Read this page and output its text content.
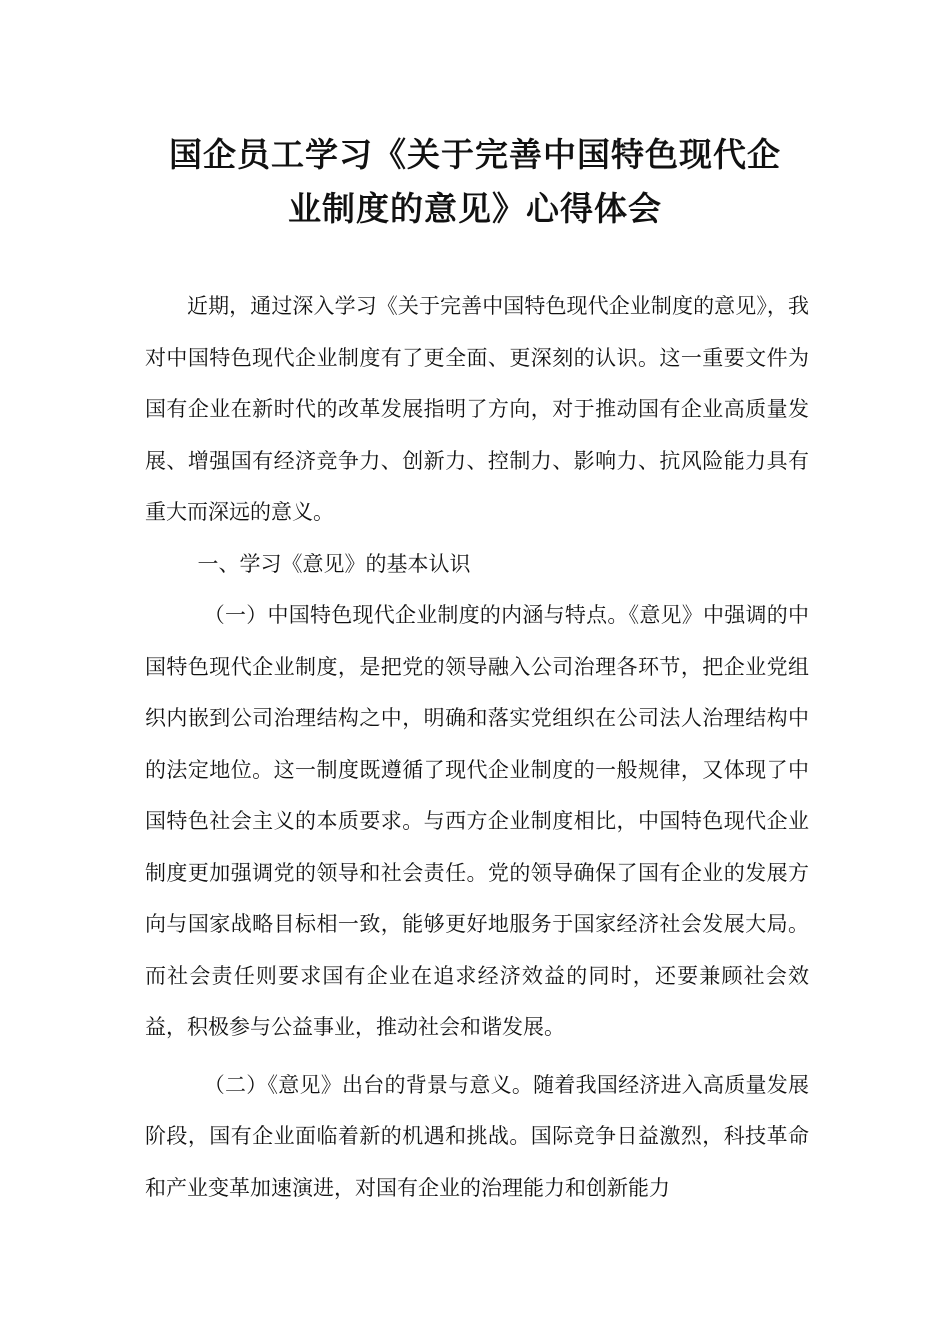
国企员工学习《关于完善中国特色现代企
业制度的意见》心得体会

近期，通过深入学习《关于完善中国特色现代企业制度的意见》，我对中国特色现代企业制度有了更全面、更深刻的认识。这一重要文件为国有企业在新时代的改革发展指明了方向，对于推动国有企业高质量发展、增强国有经济竞争力、创新力、控制力、影响力、抗风险能力具有重大而深远的意义。

一、学习《意见》的基本认识

（一）中国特色现代企业制度的内涵与特点。《意见》中强调的中国特色现代企业制度，是把党的领导融入公司治理各环节，把企业党组织内嵌到公司治理结构之中，明确和落实党组织在公司法人治理结构中的法定地位。这一制度既遵循了现代企业制度的一般规律，又体现了中国特色社会主义的本质要求。与西方企业制度相比，中国特色现代企业制度更加强调党的领导和社会责任。党的领导确保了国有企业的发展方向与国家战略目标相一致，能够更好地服务于国家经济社会发展大局。而社会责任则要求国有企业在追求经济效益的同时，还要兼顾社会效益，积极参与公益事业，推动社会和谐发展。

（二）《意见》出台的背景与意义。随着我国经济进入高质量发展阶段，国有企业面临着新的机遇和挑战。国际竞争日益激烈，科技革命和产业变革加速演进，对国有企业的治理能力和创新能力
